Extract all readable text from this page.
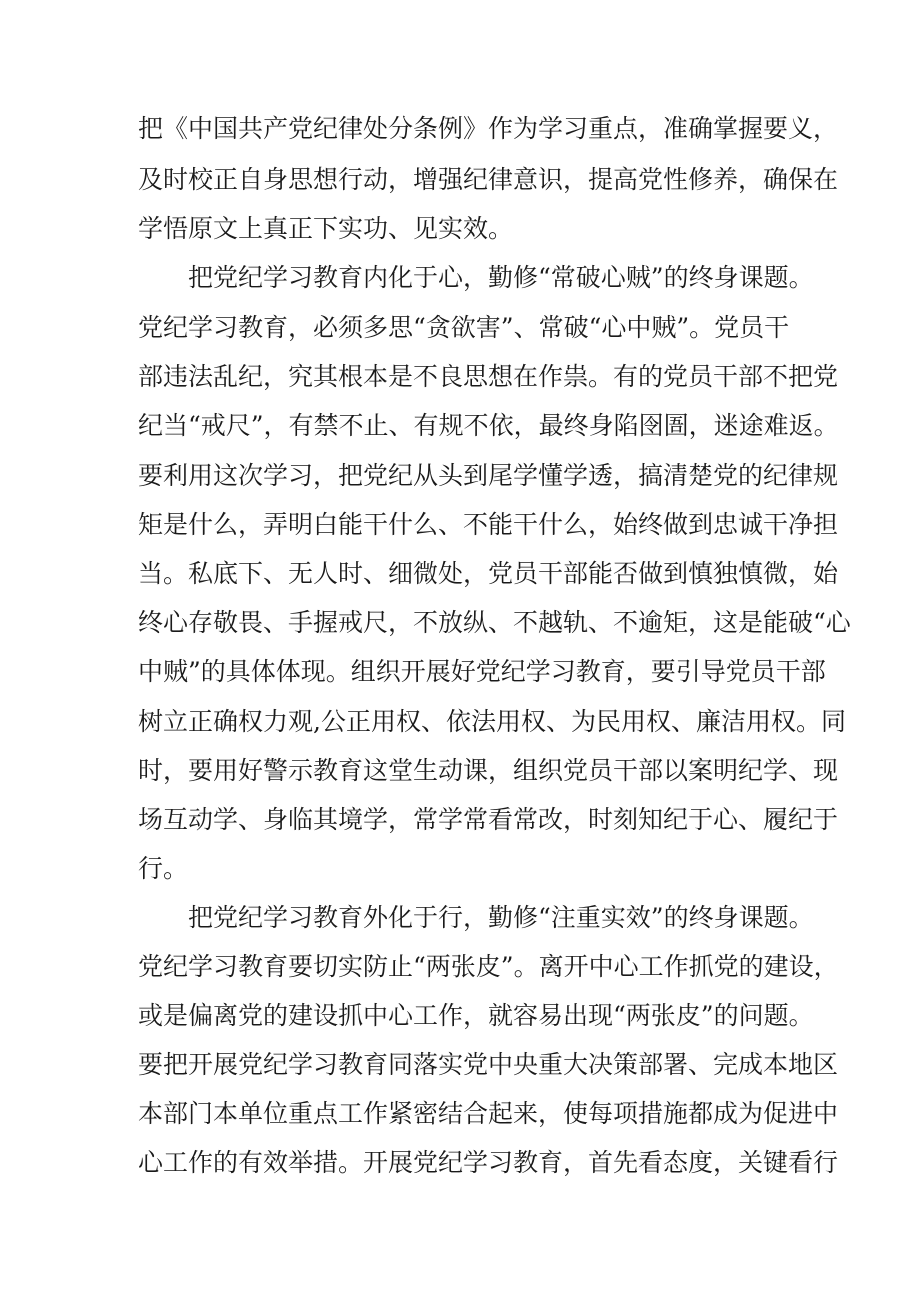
把《中国共产党纪律处分条例》作为学习重点，准确掌握要义，

及时校正自身思想行动，增强纪律意识，提高党性修养，确保在

学悟原文上真正下实功、见实效。

把党纪学习教育内化于心，勤修“常破心贼”的终身课题。

党纪学习教育，必须多思“贪欲害”、常破“心中贼”。党员干

部违法乱纪，究其根本是不良思想在作祟。有的党员干部不把党

纪当“戒尺”，有禁不止、有规不依，最终身陷囹圄，迷途难返。

要利用这次学习，把党纪从头到尾学懂学透，搞清楚党的纪律规

矩是什么，弄明白能干什么、不能干什么，始终做到忠诚干净担

当。私底下、无人时、细微处，党员干部能否做到慎独慎微，始

终心存敬畏、手握戒尺，不放纵、不越轨、不逾矩，这是能破“心

中贼”的具体体现。组织开展好党纪学习教育，要引导党员干部

树立正确权力观,公正用权、依法用权、为民用权、廉洁用权。同

时，要用好警示教育这堂生动课，组织党员干部以案明纪学、现

场互动学、身临其境学，常学常看常改，时刻知纪于心、履纪于

行。

把党纪学习教育外化于行，勤修“注重实效”的终身课题。

党纪学习教育要切实防止“两张皮”。离开中心工作抓党的建设，

或是偏离党的建设抓中心工作，就容易出现“两张皮”的问题。

要把开展党纪学习教育同落实党中央重大决策部署、完成本地区

本部门本单位重点工作紧密结合起来，使每项措施都成为促进中

心工作的有效举措。开展党纪学习教育，首先看态度，关键看行
